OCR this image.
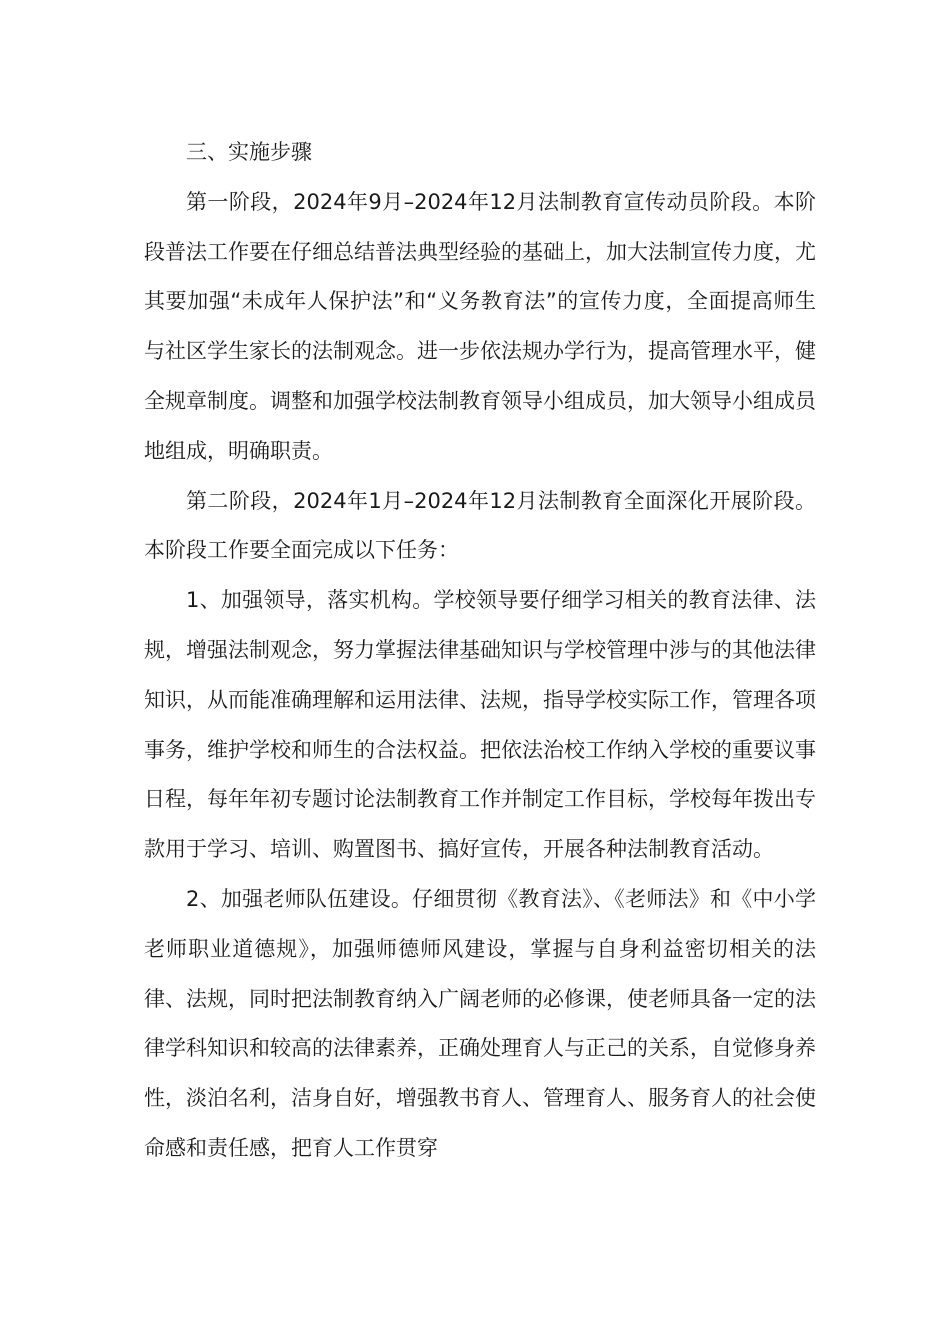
三、实施步骤

第一阶段，2024年9月–2024年12月法制教育宣传动员阶段。本阶段普法工作要在仔细总结普法典型经验的基础上，加大法制宣传力度，尤其要加强“未成年人保护法”和“义务教育法”的宣传力度，全面提高师生与社区学生家长的法制观念。进一步依法规办学行为，提高管理水平，健全规章制度。调整和加强学校法制教育领导小组成员，加大领导小组成员地组成，明确职责。

第二阶段，2024年1月–2024年12月法制教育全面深化开展阶段。本阶段工作要全面完成以下任务：

1、加强领导，落实机构。学校领导要仔细学习相关的教育法律、法规，增强法制观念，努力掌握法律基础知识与学校管理中涉与的其他法律知识，从而能准确理解和运用法律、法规，指导学校实际工作，管理各项事务，维护学校和师生的合法权益。把依法治校工作纳入学校的重要议事日程，每年年初专题讨论法制教育工作并制定工作目标，学校每年拨出专款用于学习、培训、购置图书、搞好宣传，开展各种法制教育活动。

2、加强老师队伍建设。仔细贯彻《教育法》、《老师法》和《中小学老师职业道德规》，加强师德师风建设，掌握与自身利益密切相关的法律、法规，同时把法制教育纳入广阔老师的必修课，使老师具备一定的法律学科知识和较高的法律素养，正确处理育人与正己的关系，自觉修身养性，淡泊名利，洁身自好，增强教书育人、管理育人、服务育人的社会使命感和责任感，把育人工作贯穿
